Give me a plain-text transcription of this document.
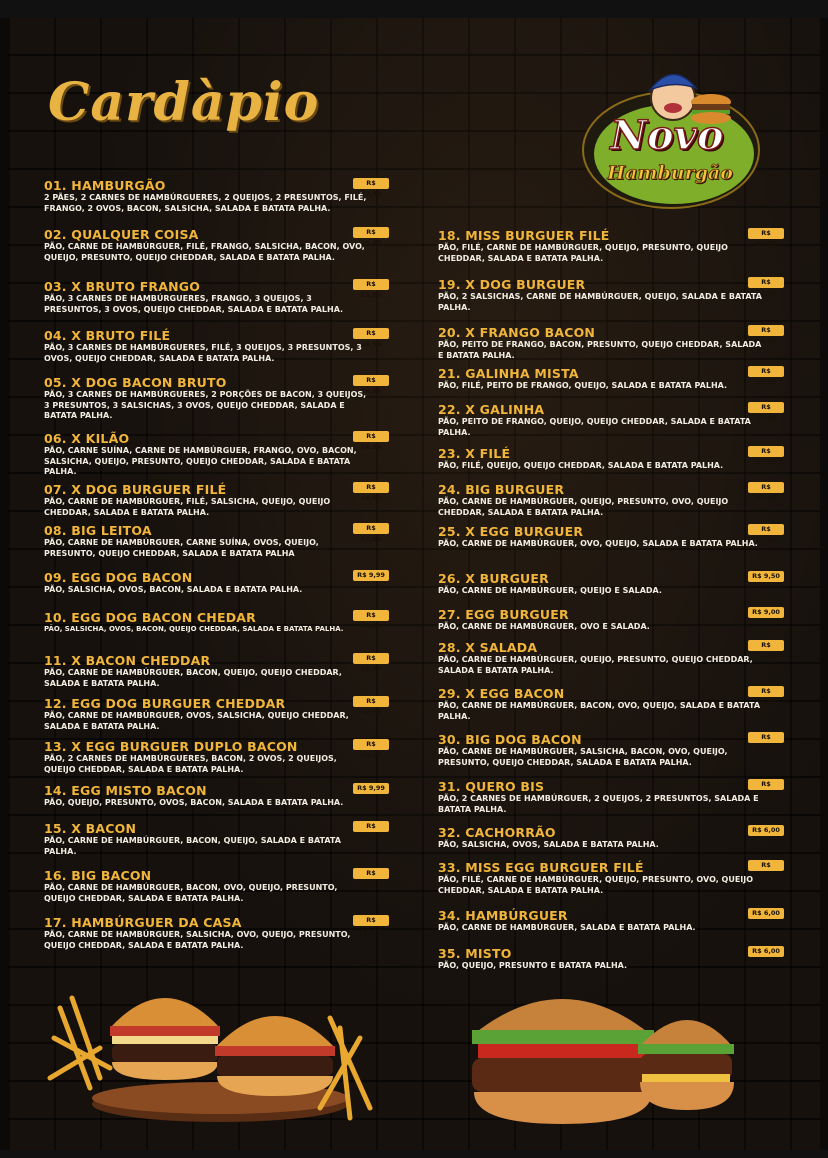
Cardàpio
Novo
Hamburgão
01. HAMBURGÃO	R$ 37,99
2 PÃES, 2 CARNES DE HAMBÚRGUERES, 2 QUEIJOS, 2 PRESUNTOS, FILÉ, FRANGO, 2 OVOS, BACON, SALSICHA, SALADA E BATATA PALHA.
02. QUALQUER COISA	R$ 25,00
PÃO, CARNE DE HAMBÚRGUER, FILÉ, FRANGO, SALSICHA, BACON, OVO, QUEIJO, PRESUNTO, QUEIJO CHEDDAR, SALADA E BATATA PALHA.
03. X BRUTO FRANGO	R$ 25,00
PÃO, 3 CARNES DE HAMBÚRGUERES, FRANGO, 3 QUEIJOS, 3 PRESUNTOS, 3 OVOS, QUEIJO CHEDDAR, SALADA E BATATA PALHA.
04. X BRUTO FILÉ	R$ 26,99
PÃO, 3 CARNES DE HAMBÚRGUERES, FILÉ, 3 QUEIJOS, 3 PRESUNTOS, 3 OVOS, QUEIJO CHEDDAR, SALADA E BATATA PALHA.
05. X DOG BACON BRUTO	R$ 26,99
PÃO, 3 CARNES DE HAMBÚRGUERES, 2 PORÇÕES DE BACON, 3 QUEIJOS, 3 PRESUNTOS, 3 SALSICHAS, 3 OVOS, QUEIJO CHEDDAR, SALADA E BATATA PALHA.
06. X KILÃO	R$ 24,99
PÃO, CARNE SUÍNA, CARNE DE HAMBÚRGUER, FRANGO, OVO, BACON, SALSICHA, QUEIJO, PRESUNTO, QUEIJO CHEDDAR, SALADA E BATATA PALHA.
07. X DOG BURGUER FILÉ	R$ 18,00
PÃO, CARNE DE HAMBÚRGUER, FILÉ, SALSICHA, QUEIJO, QUEIJO CHEDDAR, SALADA E BATATA PALHA.
08. BIG LEITOA	R$ 17,99
PÃO, CARNE DE HAMBÚRGUER, CARNE SUÍNA, OVOS, QUEIJO, PRESUNTO, QUEIJO CHEDDAR, SALADA E BATATA PALHA
09. EGG DOG BACON	R$ 9,99
PÃO, SALSICHA, OVOS, BACON, SALADA E BATATA PALHA.
10. EGG DOG BACON CHEDAR	R$ 10,99
PÃO, SALSICHA, OVOS, BACON, QUEIJO CHEDDAR, SALADA E BATATA PALHA.
11. X BACON CHEDDAR	R$ 16,99
PÃO, CARNE DE HAMBÚRGUER, BACON, QUEIJO, QUEIJO CHEDDAR, SALADA E BATATA PALHA.
12. EGG DOG BURGUER CHEDDAR	R$ 12,99
PÃO, CARNE DE HAMBÚRGUER, OVOS, SALSICHA, QUEIJO CHEDDAR, SALADA E BATATA PALHA.
13. X EGG BURGUER DUPLO BACON	R$ 20,99
PÃO, 2 CARNES DE HAMBÚRGUERES, BACON, 2 OVOS, 2 QUEIJOS, QUEIJO CHEDDAR, SALADA E BATATA PALHA.
14. EGG MISTO BACON	R$ 9,99
PÃO, QUEIJO, PRESUNTO, OVOS, BACON, SALADA E BATATA PALHA.
15. X BACON	R$ 14,99
PÃO, CARNE DE HAMBÚRGUER, BACON, QUEIJO, SALADA E BATATA PALHA.
16. BIG BACON	R$ 17,99
PÃO, CARNE DE HAMBÚRGUER, BACON, OVO, QUEIJO, PRESUNTO, QUEIJO CHEDDAR, SALADA E BATATA PALHA.
17. HAMBÚRGUER DA CASA	R$ 17,99
PÃO, CARNE DE HAMBÚRGUER, SALSICHA, OVO, QUEIJO, PRESUNTO, QUEIJO CHEDDAR, SALADA E BATATA PALHA.
18. MISS BURGUER FILÉ	R$ 18,00
PÃO, FILÉ, CARNE DE HAMBÚRGUER, QUEIJO, PRESUNTO, QUEIJO CHEDDAR, SALADA E BATATA PALHA.
19. X DOG BURGUER	R$ 11,99
PÃO, 2 SALSICHAS, CARNE DE HAMBÚRGUER, QUEIJO, SALADA E BATATA PALHA.
20. X FRANGO BACON	R$ 16,99
PÃO, PEITO DE FRANGO, BACON, PRESUNTO, QUEIJO CHEDDAR, SALADA E BATATA PALHA.
21. GALINHA MISTA	R$ 18,99
PÃO, FILÉ, PEITO DE FRANGO, QUEIJO, SALADA E BATATA PALHA.
22. X GALINHA	R$ 16,99
PÃO, PEITO DE FRANGO, QUEIJO, QUEIJO CHEDDAR, SALADA E BATATA PALHA.
23. X FILÉ	R$ 17,99
PÃO, FILÉ, QUEIJO, QUEIJO CHEDDAR, SALADA E BATATA PALHA.
24. BIG BURGUER	R$ 14,99
PÃO, CARNE DE HAMBÚRGUER, QUEIJO, PRESUNTO, OVO, QUEIJO CHEDDAR, SALADA E BATATA PALHA.
25. X EGG BURGUER	R$ 12,00
PÃO, CARNE DE HAMBÚRGUER, OVO, QUEIJO, SALADA E BATATA PALHA.
26. X BURGUER	R$ 9,50
PÃO, CARNE DE HAMBÚRGUER, QUEIJO E SALADA.
27. EGG BURGUER	R$ 9,00
PÃO, CARNE DE HAMBÚRGUER, OVO E SALADA.
28. X SALADA	R$ 14,00
PÃO, CARNE DE HAMBÚRGUER, QUEIJO, PRESUNTO, QUEIJO CHEDDAR, SALADA E BATATA PALHA.
29. X EGG BACON	R$ 15,99
PÃO, CARNE DE HAMBÚRGUER, BACON, OVO, QUEIJO, SALADA E BATATA PALHA.
30. BIG DOG BACON	R$ 18,99
PÃO, CARNE DE HAMBÚRGUER, SALSICHA, BACON, OVO, QUEIJO, PRESUNTO, QUEIJO CHEDDAR, SALADA E BATATA PALHA.
31. QUERO BIS	R$ 17,99
PÃO, 2 CARNES DE HAMBÚRGUER, 2 QUEIJOS, 2 PRESUNTOS, SALADA E BATATA PALHA.
32. CACHORRÃO	R$ 6,00
PÃO, SALSICHA, OVOS, SALADA E BATATA PALHA.
33. MISS EGG BURGUER FILÉ	R$ 19,99
PÃO, FILÉ, CARNE DE HAMBÚRGUER, QUEIJO, PRESUNTO, OVO, QUEIJO CHEDDAR, SALADA E BATATA PALHA.
34. HAMBÚRGUER	R$ 6,00
PÃO, CARNE DE HAMBÚRGUER, SALADA E BATATA PALHA.
35. MISTO	R$ 6,00
PÃO, QUEIJO, PRESUNTO E BATATA PALHA.
